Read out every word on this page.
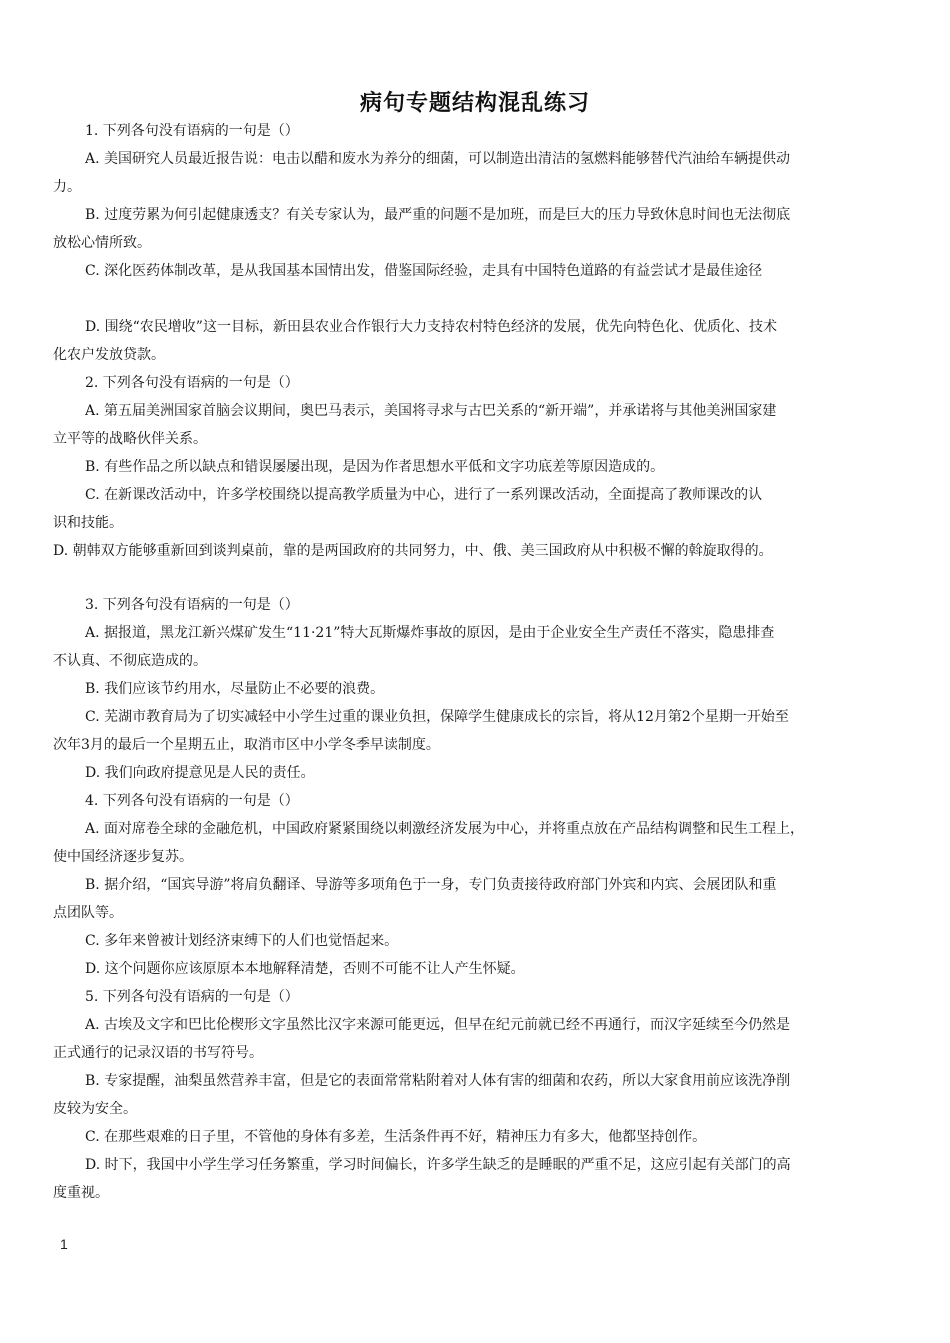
病句专题结构混乱练习
1. 下列各句没有语病的一句是（）
A. 美国研究人员最近报告说：电击以醋和废水为养分的细菌，可以制造出清洁的氢燃料能够替代汽油给车辆提供动
力。
B. 过度劳累为何引起健康透支？有关专家认为，最严重的问题不是加班，而是巨大的压力导致休息时间也无法彻底
放松心情所致。
C. 深化医药体制改革，是从我国基本国情出发，借鉴国际经验，走具有中国特色道路的有益尝试才是最佳途径
D. 围绕“农民增收”这一目标，新田县农业合作银行大力支持农村特色经济的发展，优先向特色化、优质化、技术
化农户发放贷款。
2. 下列各句没有语病的一句是（）
A. 第五届美洲国家首脑会议期间，奥巴马表示，美国将寻求与古巴关系的“新开端”，并承诺将与其他美洲国家建
立平等的战略伙伴关系。
B. 有些作品之所以缺点和错误屡屡出现，是因为作者思想水平低和文字功底差等原因造成的。
C. 在新课改活动中，许多学校围绕以提高教学质量为中心，进行了一系列课改活动，全面提高了教师课改的认
识和技能。
D. 朝韩双方能够重新回到谈判桌前，靠的是两国政府的共同努力，中、俄、美三国政府从中积极不懈的斡旋取得的。
3. 下列各句没有语病的一句是（）
A. 据报道，黑龙江新兴煤矿发生“11·21”特大瓦斯爆炸事故的原因，是由于企业安全生产责任不落实，隐患排查
不认真、不彻底造成的。
B. 我们应该节约用水，尽量防止不必要的浪费。
C. 芜湖市教育局为了切实减轻中小学生过重的课业负担，保障学生健康成长的宗旨，将从12月第2个星期一开始至
次年3月的最后一个星期五止，取消市区中小学冬季早读制度。
D. 我们向政府提意见是人民的责任。
4. 下列各句没有语病的一句是（）
A. 面对席卷全球的金融危机，中国政府紧紧围绕以刺激经济发展为中心，并将重点放在产品结构调整和民生工程上，
使中国经济逐步复苏。
B. 据介绍，“国宾导游”将肩负翻译、导游等多项角色于一身，专门负责接待政府部门外宾和内宾、会展团队和重
点团队等。
C. 多年来曾被计划经济束缚下的人们也觉悟起来。
D. 这个问题你应该原原本本地解释清楚，否则不可能不让人产生怀疑。
5. 下列各句没有语病的一句是（）
A. 古埃及文字和巴比伦楔形文字虽然比汉字来源可能更远，但早在纪元前就已经不再通行，而汉字延续至今仍然是
正式通行的记录汉语的书写符号。
B. 专家提醒，油梨虽然营养丰富，但是它的表面常常粘附着对人体有害的细菌和农药，所以大家食用前应该洗净削
皮较为安全。
C. 在那些艰难的日子里，不管他的身体有多差，生活条件再不好，精神压力有多大，他都坚持创作。
D. 时下，我国中小学生学习任务繁重，学习时间偏长，许多学生缺乏的是睡眠的严重不足，这应引起有关部门的高
度重视。
1
